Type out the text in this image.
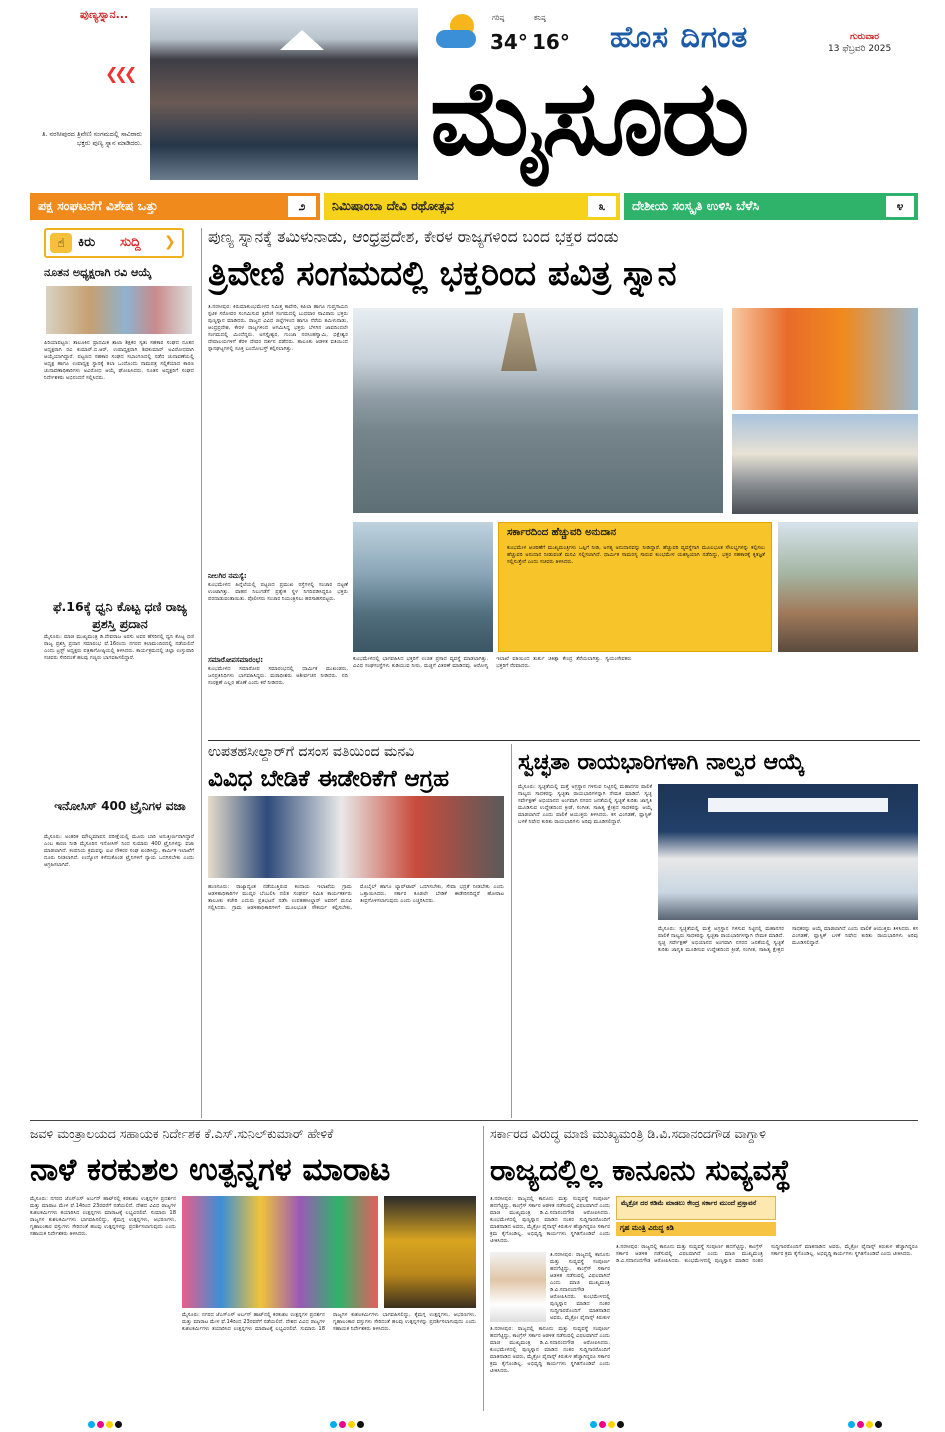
ಪುಣ್ಯಸ್ನಾನ...
❮❮❮
ತಿ. ನರಸೀಪುರದ ತ್ರಿವೇಣಿ ಸಂಗಮದಲ್ಲಿ ಸಾವಿರಾರು ಭಕ್ತರು ಪುಣ್ಯ ಸ್ನಾನ ಮಾಡಿದರು.
ಗರಿಷ್ಠ
34°
ಕನಿಷ್ಠ
16° ಹೊಸ ದಿಗಂತ	ಗುರುವಾರ
13 ಫೆಬ್ರವರಿ 2025
ಮೈಸೂರು
ಪಕ್ಷ ಸಂಘಟನೆಗೆ ವಿಶೇಷ ಒತ್ತು	೨	ನಿಮಿಷಾಂಬಾ ದೇವಿ ರಥೋತ್ಸವ	೩	ದೇಶೀಯ ಸಂಸ್ಕೃತಿ ಉಳಿಸಿ ಬೆಳೆಸಿ	೪
☝	ಕಿರು ಸುದ್ದಿ ❯
ನೂತನ ಅಧ್ಯಕ್ಷರಾಗಿ ರವಿ ಆಯ್ಕೆ
ಪಿರಿಯಾಪಟ್ಟಣ: ತಾಲೂಕಿನ ಪ್ರಾಥಮಿಕ ಶಾಲಾ ಶಿಕ್ಷಕರ ಸ್ವತಃ ಸಹಕಾರ ಸಂಘದ ನೂತನ ಅಧ್ಯಕ್ಷರಾಗಿ ರವಿ ಕುಮಾರ್.ಬಿ.ಆರ್, ಉಪಾಧ್ಯಕ್ಷರಾಗಿ ಶಿವಕುಮಾರ್ ಅವಿರೋಧವಾಗಿ ಆಯ್ಕೆಯಾಗಿದ್ದಾರೆ. ಪಟ್ಟಣದ ಸಹಕಾರ ಸಂಘದ ಸಭಾಂಗಣದಲ್ಲಿ ನಡೆದ ಚುನಾವಣೆಯಲ್ಲಿ ಅಧ್ಯಕ್ಷ ಹಾಗೂ ಉಪಾಧ್ಯಕ್ಷ ಸ್ಥಾನಕ್ಕೆ ತಲಾ ಒಂದೊಂದು ನಾಮಪತ್ರ ಸಲ್ಲಿಕೆಯಾದ ಕಾರಣ ಚುನಾವಣಾಧಿಕಾರಿಗಳು ಅವಿರೋಧ ಆಯ್ಕೆ ಘೋಷಿಸಿದರು. ನೂತನ ಅಧ್ಯಕ್ಷರಿಗೆ ಸಂಘದ ನಿರ್ದೇಶಕರು ಅಭಿನಂದನೆ ಸಲ್ಲಿಸಿದರು.
ಫೆ.16ಕ್ಕೆ ಧ್ವನಿ ಕೊಟ್ಟ ಧಣಿ ರಾಜ್ಯ ಪ್ರಶಸ್ತಿ ಪ್ರದಾನ
ಮೈಸೂರು: ಮಾಜಿ ಮುಖ್ಯಮಂತ್ರಿ ಡಿ.ದೇವರಾಜ ಅರಸು ಅವರ ಹೆಸರಿನಲ್ಲಿ ಧ್ವನಿ ಕೊಟ್ಟ ಧಣಿ ರಾಜ್ಯ ಪ್ರಶಸ್ತಿ ಪ್ರದಾನ ಸಮಾರಂಭ ಫೆ.16ರಂದು ನಗರದ ಕಲಾಮಂದಿರದಲ್ಲಿ ನಡೆಯಲಿದೆ ಎಂದು ಟ್ರಸ್ಟ್ ಅಧ್ಯಕ್ಷರು ಪತ್ರಿಕಾಗೋಷ್ಠಿಯಲ್ಲಿ ತಿಳಿಸಿದರು. ಕಾರ್ಯಕ್ರಮದಲ್ಲಿ ಜಿಲ್ಲಾ ಉಸ್ತುವಾರಿ ಸಚಿವರು ಸೇರಿದಂತೆ ಹಲವು ಗಣ್ಯರು ಭಾಗವಹಿಸಲಿದ್ದಾರೆ.
ಇನೋಸಿಸ್ 400 ಟ್ರೈನಿಗಳ ವಜಾ
ಮೈಸೂರು: ಅಂತರಿಕ ಮೌಲ್ಯಮಾಪನ ಪರೀಕ್ಷೆಯಲ್ಲಿ ಮೂರು ಬಾರಿ ಅನುತ್ತೀರ್ಣರಾಗಿದ್ದಾರೆ ಎಂಬ ಕಾರಣ ನೀಡಿ ಮೈಸೂರಿನ ಇನೋಸಿಸ್ ನಿಂದ ಸುಮಾರು 400 ಟ್ರೈನಿಗಳನ್ನು ವಜಾ ಮಾಡಲಾಗಿದೆ. ಕಂಪನಿಯ ಕ್ರಮವನ್ನು ಐಟಿ ನೌಕರರ ಸಂಘ ಖಂಡಿಸಿದ್ದು, ಕಾರ್ಮಿಕ ಇಲಾಖೆಗೆ ದೂರು ನೀಡಲಾಗಿದೆ. ಉದ್ಯೋಗ ಕಳೆದುಕೊಂಡ ಟ್ರೈನಿಗಳಿಗೆ ನ್ಯಾಯ ಒದಗಿಸಬೇಕು ಎಂದು ಆಗ್ರಹಿಸಲಾಗಿದೆ.
ಪುಣ್ಯ ಸ್ನಾನಕ್ಕೆ ತಮಿಳುನಾಡು, ಆಂಧ್ರಪ್ರದೇಶ, ಕೇರಳ ರಾಜ್ಯಗಳಿಂದ ಬಂದ ಭಕ್ತರ ದಂಡು
ತ್ರಿವೇಣಿ ಸಂಗಮದಲ್ಲಿ ಭಕ್ತರಿಂದ ಪವಿತ್ರ ಸ್ನಾನ
ತಿ.ನರಸೀಪುರ: ಕಿರುಮಾಕುಂಭಮೇಳದ ನಿಮಿತ್ತ ಕಾವೇರಿ, ಕಪಿಲಾ ಹಾಗೂ ಗುಪ್ತಗಾಮಿನಿ ಸ್ಪಟಿಕ ಸರೋವರ ಸಂಗಮಿಸುವ ತ್ರಿವೇಣಿ ಸಂಗಮದಲ್ಲಿ ಬುಧವಾರ ಸಾವಿರಾರು ಭಕ್ತರು ಪುಣ್ಯಸ್ನಾನ ಮಾಡಿದರು. ರಾಜ್ಯದ ವಿವಿಧ ಜಿಲ್ಲೆಗಳಿಂದ ಹಾಗೂ ನೆರೆಯ ತಮಿಳುನಾಡು, ಆಂಧ್ರಪ್ರದೇಶ, ಕೇರಳ ರಾಜ್ಯಗಳಿಂದ ಆಗಮಿಸಿದ್ದ ಭಕ್ತರು ಬೆಳಗಿನ ಜಾವದಿಂದಲೇ ಸಂಗಮದಲ್ಲಿ ಮಿಂದೆದ್ದರು. ಅಗಸ್ತ್ಯೇಶ್ವರ, ಗುಂಜಾ ನರಸಿಂಹಸ್ವಾಮಿ, ಭಿಕ್ಷೇಶ್ವರ ದೇವಾಲಯಗಳಿಗೆ ತೆರಳಿ ದೇವರ ದರ್ಶನ ಪಡೆದರು. ತಾಲೂಕು ಆಡಳಿತ ವತಿಯಿಂದ ಸ್ನಾನಘಟ್ಟಗಳಲ್ಲಿ ಸೂಕ್ತ ಬಂದೋಬಸ್ತ್ ಕಲ್ಪಿಸಲಾಗಿತ್ತು.
ನೀಲಗಿರ ನಮಸ್ಯೆ:
ಕುಂಭಮೇಳದ ಹಿನ್ನೆಲೆಯಲ್ಲಿ ಪಟ್ಟಣದ ಪ್ರಮುಖ ರಸ್ತೆಗಳಲ್ಲಿ ಸಂಚಾರ ದಟ್ಟಣೆ ಉಂಟಾಗಿತ್ತು. ವಾಹನ ನಿಲುಗಡೆಗೆ ಪ್ರತ್ಯೇಕ ಸ್ಥಳ ನಿಗದಿಪಡಿಸಿದ್ದರೂ ಭಕ್ತರು ಪರದಾಡುವಂತಾಯಿತು. ಪೊಲೀಸರು ಸಂಚಾರ ನಿಯಂತ್ರಿಸಲು ಹರಸಾಹಸಪಟ್ಟರು.
ಸಮಾರೋಪಸಮಾರಂಭ:
ಕುಂಭಮೇಳದ ಸಮಾರೋಪ ಸಮಾರಂಭದಲ್ಲಿ ಧಾರ್ಮಿಕ ಮುಖಂಡರು, ಜನಪ್ರತಿನಿಧಿಗಳು ಭಾಗವಹಿಸಿದ್ದರು. ಮಠಾಧೀಶರು ಆಶೀರ್ವಚನ ನೀಡಿದರು. ನದಿ ಸಂರಕ್ಷಣೆ ಎಲ್ಲರ ಹೊಣೆ ಎಂದು ಕರೆ ನೀಡಿದರು.
ಸರ್ಕಾರದಿಂದ ಹೆಚ್ಚುವರಿ ಅನುದಾನ
ಕುಂಭಮೇಳ ಆಚರಣೆಗೆ ಮುಖ್ಯಮಂತ್ರಿಗಳು ಒಪ್ಪಿಗೆ ನೀಡಿ, ಅಗತ್ಯ ಅನುದಾನವನ್ನು ನೀಡಿದ್ದಾರೆ. ಹೆಚ್ಚುವರಿ ವ್ಯವಸ್ಥೆಗಾಗಿ ಮೂಲಭೂತ ಸೌಲಭ್ಯಗಳನ್ನು ಕಲ್ಪಿಸಲು ಹೆಚ್ಚುವರಿ ಅನುದಾನ ನೀಡುವಂತೆ ಮನವಿ ಸಲ್ಲಿಸಲಾಗಿದೆ. ಧಾರ್ಮಿಕ ಸಾಮರಸ್ಯ ಸಾರುವ ಕುಂಭಮೇಳ ಯಶಸ್ವಿಯಾಗಿ ನಡೆದಿದ್ದು, ಭಕ್ತರ ಸಹಕಾರಕ್ಕೆ ಕೃತಜ್ಞತೆ ಸಲ್ಲಿಸುತ್ತೇನೆ ಎಂದು ಸಚಿವರು ತಿಳಿಸಿದರು.
ಕುಂಭಮೇಳದಲ್ಲಿ ಭಾಗವಹಿಸಿದ ಭಕ್ತರಿಗೆ ಉಚಿತ ಪ್ರಸಾದ ವ್ಯವಸ್ಥೆ ಮಾಡಲಾಗಿತ್ತು. ವಿವಿಧ ಸಂಘಸಂಸ್ಥೆಗಳು ಕುಡಿಯುವ ನೀರು, ಮಜ್ಜಿಗೆ ವಿತರಣೆ ಮಾಡಿದವು. ಆರೋಗ್ಯ ಇಲಾಖೆ ವತಿಯಿಂದ ತುರ್ತು ಚಿಕಿತ್ಸಾ ಕೇಂದ್ರ ತೆರೆಯಲಾಗಿತ್ತು. ಸ್ವಯಂಸೇವಕರು ಭಕ್ತರಿಗೆ ನೆರವಾದರು.
ಉಪತಹಸೀಲ್ದಾರ್‌ಗೆ ದಸಂಸ ವತಿಯಿಂದ ಮನವಿ
ವಿವಿಧ ಬೇಡಿಕೆ ಈಡೇರಿಕೆಗೆ ಆಗ್ರಹ
ಹುಣಸೂರು: ರಾಜ್ಯಾದ್ಯಂತ ನಡೆಯುತ್ತಿರುವ ಕಂದಾಯ ಇಲಾಖೆಯ ಗ್ರಾಮ ಆಡಳಿತಾಧಿಕಾರಿಗಳ ಮುಷ್ಕರ ಬೆಂಬಲಿಸಿ ದಲಿತ ಸಂಘರ್ಷ ಸಮಿತಿ ಕಾರ್ಯಕರ್ತರು ತಾಲೂಕು ಕಚೇರಿ ಎದುರು ಪ್ರತಿಭಟನೆ ನಡೆಸಿ ಉಪತಹಸೀಲ್ದಾರ್ ಅವರಿಗೆ ಮನವಿ ಸಲ್ಲಿಸಿದರು. ಗ್ರಾಮ ಆಡಳಿತಾಧಿಕಾರಿಗಳಿಗೆ ಮೂಲಭೂತ ಸೌಕರ್ಯ ಕಲ್ಪಿಸಬೇಕು, ಮೊಬೈಲ್ ಹಾಗೂ ಲ್ಯಾಪ್‌ಟಾಪ್ ಒದಗಿಸಬೇಕು, ಸೇವಾ ಭದ್ರತೆ ನೀಡಬೇಕು ಎಂದು ಒತ್ತಾಯಿಸಿದರು. ಸರ್ಕಾರ ಕೂಡಲೇ ಬೇಡಿಕೆ ಈಡೇರಿಸದಿದ್ದರೆ ಹೋರಾಟ ತೀವ್ರಗೊಳಿಸಲಾಗುವುದು ಎಂದು ಎಚ್ಚರಿಸಿದರು.
ಸ್ವಚ್ಛತಾ ರಾಯಭಾರಿಗಳಾಗಿ ನಾಲ್ವರ ಆಯ್ಕೆ
ಮೈಸೂರು: ಸ್ವಚ್ಛತೆಯಲ್ಲಿ ಮತ್ತೆ ಅಗ್ರಸ್ಥಾನ ಗಳಿಸುವ ನಿಟ್ಟಿನಲ್ಲಿ ಮಹಾನಗರ ಪಾಲಿಕೆ ನಾಲ್ವರು ಸಾಧಕರನ್ನು ಸ್ವಚ್ಛತಾ ರಾಯಭಾರಿಗಳನ್ನಾಗಿ ನೇಮಕ ಮಾಡಿದೆ. ಸ್ವಚ್ಛ ಸರ್ವೇಕ್ಷಣ್ ಅಭಿಯಾನದ ಅಂಗವಾಗಿ ನಗರದ ಜನತೆಯಲ್ಲಿ ಸ್ವಚ್ಛತೆ ಕುರಿತು ಜಾಗೃತಿ ಮೂಡಿಸುವ ಉದ್ದೇಶದಿಂದ ಕ್ರೀಡೆ, ಸಂಗೀತ, ಸಾಹಿತ್ಯ ಕ್ಷೇತ್ರದ ಸಾಧಕರನ್ನು ಆಯ್ಕೆ ಮಾಡಲಾಗಿದೆ ಎಂದು ಪಾಲಿಕೆ ಆಯುಕ್ತರು ತಿಳಿಸಿದರು. ಕಸ ವಿಂಗಡಣೆ, ಪ್ಲಾಸ್ಟಿಕ್ ಬಳಕೆ ನಿಷೇಧ ಕುರಿತು ರಾಯಭಾರಿಗಳು ಅರಿವು ಮೂಡಿಸಲಿದ್ದಾರೆ.
ಮೈಸೂರು: ಸ್ವಚ್ಛತೆಯಲ್ಲಿ ಮತ್ತೆ ಅಗ್ರಸ್ಥಾನ ಗಳಿಸುವ ನಿಟ್ಟಿನಲ್ಲಿ ಮಹಾನಗರ ಪಾಲಿಕೆ ನಾಲ್ವರು ಸಾಧಕರನ್ನು ಸ್ವಚ್ಛತಾ ರಾಯಭಾರಿಗಳನ್ನಾಗಿ ನೇಮಕ ಮಾಡಿದೆ. ಸ್ವಚ್ಛ ಸರ್ವೇಕ್ಷಣ್ ಅಭಿಯಾನದ ಅಂಗವಾಗಿ ನಗರದ ಜನತೆಯಲ್ಲಿ ಸ್ವಚ್ಛತೆ ಕುರಿತು ಜಾಗೃತಿ ಮೂಡಿಸುವ ಉದ್ದೇಶದಿಂದ ಕ್ರೀಡೆ, ಸಂಗೀತ, ಸಾಹಿತ್ಯ ಕ್ಷೇತ್ರದ ಸಾಧಕರನ್ನು ಆಯ್ಕೆ ಮಾಡಲಾಗಿದೆ ಎಂದು ಪಾಲಿಕೆ ಆಯುಕ್ತರು ತಿಳಿಸಿದರು. ಕಸ ವಿಂಗಡಣೆ, ಪ್ಲಾಸ್ಟಿಕ್ ಬಳಕೆ ನಿಷೇಧ ಕುರಿತು ರಾಯಭಾರಿಗಳು ಅರಿವು ಮೂಡಿಸಲಿದ್ದಾರೆ.
ಜವಳಿ ಮಂತ್ರಾಲಯದ ಸಹಾಯಕ ನಿರ್ದೇಶಕ ಕೆ.ಎಸ್.ಸುನಿಲ್‌ಕುಮಾರ್ ಹೇಳಿಕೆ
ನಾಳೆ ಕರಕುಶಲ ಉತ್ಪನ್ನಗಳ ಮಾರಾಟ
ಮೈಸೂರು: ನಗರದ ಜೆಎಸ್‌ಎಸ್ ಅರ್ಬನ್ ಹಾಟ್‌ನಲ್ಲಿ ಕರಕುಶಲ ಉತ್ಪನ್ನಗಳ ಪ್ರದರ್ಶನ ಮತ್ತು ಮಾರಾಟ ಮೇಳ ಫೆ.14ರಿಂದ 23ರವರೆಗೆ ನಡೆಯಲಿದೆ. ದೇಶದ ವಿವಿಧ ರಾಜ್ಯಗಳ ಕುಶಲಕರ್ಮಿಗಳು ತಯಾರಿಸಿದ ಉತ್ಪನ್ನಗಳು ಮಾರಾಟಕ್ಕೆ ಲಭ್ಯವಿರಲಿವೆ. ಸುಮಾರು 18 ರಾಜ್ಯಗಳ ಕುಶಲಕರ್ಮಿಗಳು ಭಾಗವಹಿಸಲಿದ್ದು, ಕೈಮಗ್ಗ ಉತ್ಪನ್ನಗಳು, ಆಭರಣಗಳು, ಗೃಹಾಲಂಕಾರ ವಸ್ತುಗಳು ಸೇರಿದಂತೆ ಹಲವು ಉತ್ಪನ್ನಗಳನ್ನು ಪ್ರದರ್ಶಿಸಲಾಗುವುದು ಎಂದು ಸಹಾಯಕ ನಿರ್ದೇಶಕರು ತಿಳಿಸಿದರು.
ಮೈಸೂರು: ನಗರದ ಜೆಎಸ್‌ಎಸ್ ಅರ್ಬನ್ ಹಾಟ್‌ನಲ್ಲಿ ಕರಕುಶಲ ಉತ್ಪನ್ನಗಳ ಪ್ರದರ್ಶನ ಮತ್ತು ಮಾರಾಟ ಮೇಳ ಫೆ.14ರಿಂದ 23ರವರೆಗೆ ನಡೆಯಲಿದೆ. ದೇಶದ ವಿವಿಧ ರಾಜ್ಯಗಳ ಕುಶಲಕರ್ಮಿಗಳು ತಯಾರಿಸಿದ ಉತ್ಪನ್ನಗಳು ಮಾರಾಟಕ್ಕೆ ಲಭ್ಯವಿರಲಿವೆ. ಸುಮಾರು 18 ರಾಜ್ಯಗಳ ಕುಶಲಕರ್ಮಿಗಳು ಭಾಗವಹಿಸಲಿದ್ದು, ಕೈಮಗ್ಗ ಉತ್ಪನ್ನಗಳು, ಆಭರಣಗಳು, ಗೃಹಾಲಂಕಾರ ವಸ್ತುಗಳು ಸೇರಿದಂತೆ ಹಲವು ಉತ್ಪನ್ನಗಳನ್ನು ಪ್ರದರ್ಶಿಸಲಾಗುವುದು ಎಂದು ಸಹಾಯಕ ನಿರ್ದೇಶಕರು ತಿಳಿಸಿದರು.
ಸರ್ಕಾರದ ವಿರುದ್ಧ ಮಾಜಿ ಮುಖ್ಯಮಂತ್ರಿ ಡಿ.ವಿ.ಸದಾನಂದಗೌಡ ವಾಗ್ದಾಳಿ
ರಾಜ್ಯದಲ್ಲಿಲ್ಲ ಕಾನೂನು ಸುವ್ಯವಸ್ಥೆ
ತಿ.ನರಸೀಪುರ: ರಾಜ್ಯದಲ್ಲಿ ಕಾನೂನು ಮತ್ತು ಸುವ್ಯವಸ್ಥೆ ಸಂಪೂರ್ಣ ಹದಗೆಟ್ಟಿದ್ದು, ಕಾಂಗ್ರೆಸ್ ಸರ್ಕಾರ ಆಡಳಿತ ನಡೆಸುವಲ್ಲಿ ವಿಫಲವಾಗಿದೆ ಎಂದು ಮಾಜಿ ಮುಖ್ಯಮಂತ್ರಿ ಡಿ.ವಿ.ಸದಾನಂದಗೌಡ ಆರೋಪಿಸಿದರು. ಕುಂಭಮೇಳದಲ್ಲಿ ಪುಣ್ಯಸ್ನಾನ ಮಾಡಿದ ನಂತರ ಸುದ್ದಿಗಾರರೊಂದಿಗೆ ಮಾತನಾಡಿದ ಅವರು, ಮೈಕ್ರೋ ಫೈನಾನ್ಸ್ ಕಿರುಕುಳ ಹೆಚ್ಚಾಗಿದ್ದರೂ ಸರ್ಕಾರ ಕ್ರಮ ಕೈಗೊಂಡಿಲ್ಲ. ಅಭಿವೃದ್ಧಿ ಕಾರ್ಯಗಳು ಸ್ಥಗಿತಗೊಂಡಿವೆ ಎಂದು ಟೀಕಿಸಿದರು.
ತಿ.ನರಸೀಪುರ: ರಾಜ್ಯದಲ್ಲಿ ಕಾನೂನು ಮತ್ತು ಸುವ್ಯವಸ್ಥೆ ಸಂಪೂರ್ಣ ಹದಗೆಟ್ಟಿದ್ದು, ಕಾಂಗ್ರೆಸ್ ಸರ್ಕಾರ ಆಡಳಿತ ನಡೆಸುವಲ್ಲಿ ವಿಫಲವಾಗಿದೆ ಎಂದು ಮಾಜಿ ಮುಖ್ಯಮಂತ್ರಿ ಡಿ.ವಿ.ಸದಾನಂದಗೌಡ ಆರೋಪಿಸಿದರು. ಕುಂಭಮೇಳದಲ್ಲಿ ಪುಣ್ಯಸ್ನಾನ ಮಾಡಿದ ನಂತರ ಸುದ್ದಿಗಾರರೊಂದಿಗೆ ಮಾತನಾಡಿದ ಅವರು, ಮೈಕ್ರೋ ಫೈನಾನ್ಸ್ ಕಿರುಕುಳ
ತಿ.ನರಸೀಪುರ: ರಾಜ್ಯದಲ್ಲಿ ಕಾನೂನು ಮತ್ತು ಸುವ್ಯವಸ್ಥೆ ಸಂಪೂರ್ಣ ಹದಗೆಟ್ಟಿದ್ದು, ಕಾಂಗ್ರೆಸ್ ಸರ್ಕಾರ ಆಡಳಿತ ನಡೆಸುವಲ್ಲಿ ವಿಫಲವಾಗಿದೆ ಎಂದು ಮಾಜಿ ಮುಖ್ಯಮಂತ್ರಿ ಡಿ.ವಿ.ಸದಾನಂದಗೌಡ ಆರೋಪಿಸಿದರು. ಕುಂಭಮೇಳದಲ್ಲಿ ಪುಣ್ಯಸ್ನಾನ ಮಾಡಿದ ನಂತರ ಸುದ್ದಿಗಾರರೊಂದಿಗೆ ಮಾತನಾಡಿದ ಅವರು, ಮೈಕ್ರೋ ಫೈನಾನ್ಸ್ ಕಿರುಕುಳ ಹೆಚ್ಚಾಗಿದ್ದರೂ ಸರ್ಕಾರ ಕ್ರಮ ಕೈಗೊಂಡಿಲ್ಲ. ಅಭಿವೃದ್ಧಿ ಕಾರ್ಯಗಳು ಸ್ಥಗಿತಗೊಂಡಿವೆ ಎಂದು ಟೀಕಿಸಿದರು.
ಮೈಕ್ರೋ ದರ ಕಡಿಮೆ ಮಾಡಲು ಕೇಂದ್ರ ಸರ್ಕಾರ ಮುಂದೆ ಪ್ರಸ್ತಾವನೆ
ಗೃಹ ಮಂತ್ರಿ ವಿರುದ್ಧ ಕಿಡಿ
ತಿ.ನರಸೀಪುರ: ರಾಜ್ಯದಲ್ಲಿ ಕಾನೂನು ಮತ್ತು ಸುವ್ಯವಸ್ಥೆ ಸಂಪೂರ್ಣ ಹದಗೆಟ್ಟಿದ್ದು, ಕಾಂಗ್ರೆಸ್ ಸರ್ಕಾರ ಆಡಳಿತ ನಡೆಸುವಲ್ಲಿ ವಿಫಲವಾಗಿದೆ ಎಂದು ಮಾಜಿ ಮುಖ್ಯಮಂತ್ರಿ ಡಿ.ವಿ.ಸದಾನಂದಗೌಡ ಆರೋಪಿಸಿದರು. ಕುಂಭಮೇಳದಲ್ಲಿ ಪುಣ್ಯಸ್ನಾನ ಮಾಡಿದ ನಂತರ ಸುದ್ದಿಗಾರರೊಂದಿಗೆ ಮಾತನಾಡಿದ ಅವರು, ಮೈಕ್ರೋ ಫೈನಾನ್ಸ್ ಕಿರುಕುಳ ಹೆಚ್ಚಾಗಿದ್ದರೂ ಸರ್ಕಾರ ಕ್ರಮ ಕೈಗೊಂಡಿಲ್ಲ. ಅಭಿವೃದ್ಧಿ ಕಾರ್ಯಗಳು ಸ್ಥಗಿತಗೊಂಡಿವೆ ಎಂದು ಟೀಕಿಸಿದರು.
